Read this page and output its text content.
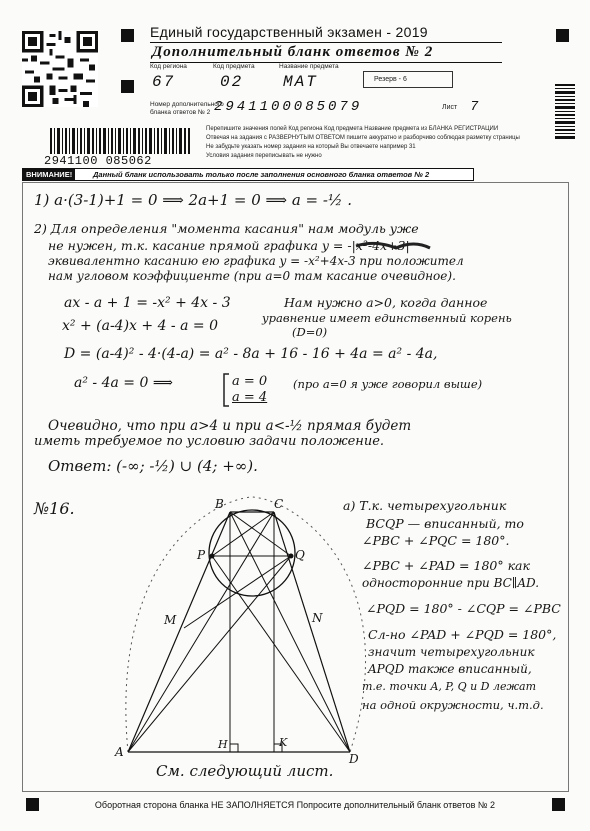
Единый государственный экзамен - 2019
Дополнительный бланк ответов № 2
Код региона	Код предмета	Название предмета
Резерв - 6
67	02 МАТ
Номер дополнительного
бланка ответов № 2 2941100085079	Лист 7
2941100 085062
Перепишите значения полей Код региона Код предмета Название предмета из БЛАНКА РЕГИСТРАЦИИ
Отвечая на задания с РАЗВЕРНУТЫМ ОТВЕТОМ пишите аккуратно и разборчиво соблюдая разметку страницы
Не забудьте указать номер задания на который Вы отвечаете например 31
Условия задания переписывать не нужно
ВНИМАНИЕ!	Данный бланк использовать только после заполнения основного бланка ответов № 2
1) a·(3-1)+1 = 0 ⟹ 2a+1 = 0 ⟹ a = -½ .
2) Для определения "момента касания" нам модуль уже
не нужен, т.к. касание прямой графика y = -|x²-4x+3|
эквивалентно касанию ею графика y = -x²+4x-3 при положител
нам угловом коэффициенте (при a=0 там касание очевидное).
ax - a + 1 = -x² + 4x - 3	Нам нужно a>0, когда данное
уравнение имеет единственный корень
(D=0)
x² + (a-4)x + 4 - a = 0
D = (a-4)² - 4·(4-a) = a² - 8a + 16 - 16 + 4a = a² - 4a,
a² - 4a = 0 ⟹	a = 0
a = 4
(про a=0 я уже говорил выше)
Очевидно, что при a>4 и при a<-½ прямая будет
иметь требуемое по условию задачи положение.
Ответ: (-∞; -½) ∪ (4; +∞).
№16.	B	C
P	Q
M	N
A	D
H	K
a) Т.к. четырехугольник
BCQP — вписанный, то
∠PBC + ∠PQC = 180°.
∠PBC + ∠PAD = 180° как
односторонние при BC∥AD.
∠PQD = 180° - ∠CQP = ∠PBC
Сл-но ∠PAD + ∠PQD = 180°,
значит четырехугольник
APQD также вписанный,
т.е. точки A, P, Q и D лежат
на одной окружности, ч.т.д.
См. следующий лист.
Оборотная сторона бланка НЕ ЗАПОЛНЯЕТСЯ Попросите дополнительный бланк ответов № 2
